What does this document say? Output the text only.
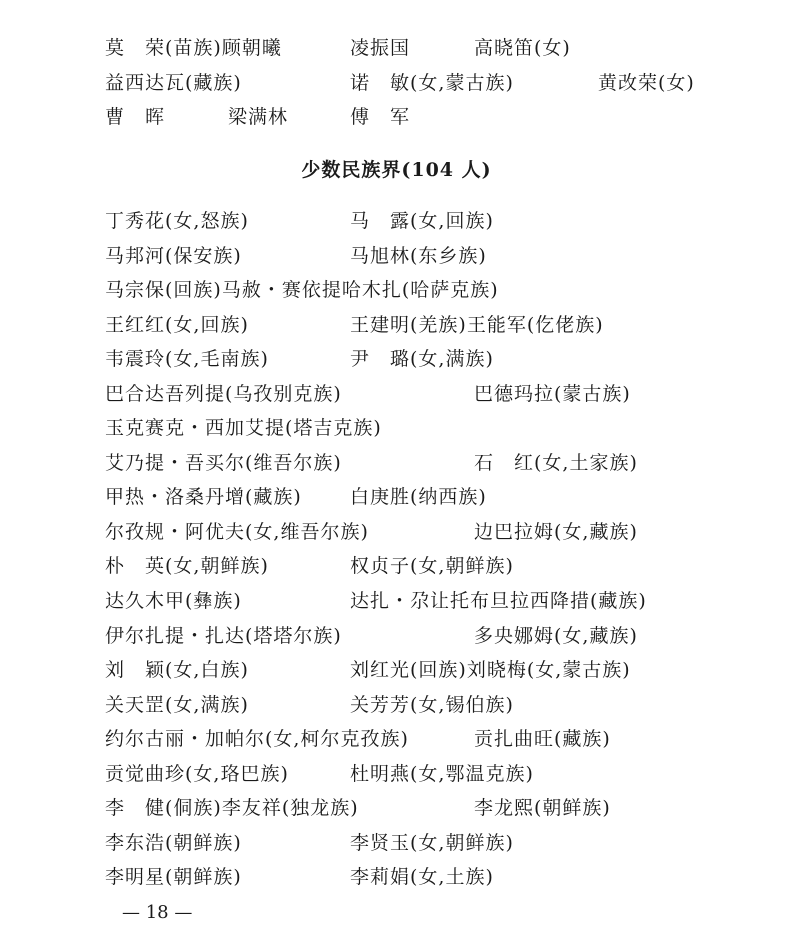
莫　荣(苗族)顾朝曦	凌振国	高晓笛(女)
益西达瓦(藏族)	诺　敏(女,蒙古族)	黄改荣(女)
曹　晖	梁满林	傅　军
少数民族界(104 人)
丁秀花(女,怒族)	马　露(女,回族)
马邦河(保安族)	马旭林(东乡族)
马宗保(回族)马赦・赛依提哈木扎(哈萨克族)
王红红(女,回族)	王建明(羌族)王能军(仡佬族)
韦震玲(女,毛南族)	尹　璐(女,满族)
巴合达吾列提(乌孜别克族)	巴德玛拉(蒙古族)
玉克赛克・西加艾提(塔吉克族)
艾乃提・吾买尔(维吾尔族)	石　红(女,土家族)
甲热・洛桑丹增(藏族)	白庚胜(纳西族)
尔孜规・阿优夫(女,维吾尔族)	边巴拉姆(女,藏族)
朴　英(女,朝鲜族)	权贞子(女,朝鲜族)
达久木甲(彝族)	达扎・尕让托布旦拉西降措(藏族)
伊尔扎提・扎达(塔塔尔族)	多央娜姆(女,藏族)
刘　颖(女,白族)	刘红光(回族)刘晓梅(女,蒙古族)
关天罡(女,满族)	关芳芳(女,锡伯族)
约尔古丽・加帕尔(女,柯尔克孜族)	贡扎曲旺(藏族)
贡觉曲珍(女,珞巴族)	杜明燕(女,鄂温克族)
李　健(侗族)李友祥(独龙族)	李龙熙(朝鲜族)
李东浩(朝鲜族)	李贤玉(女,朝鲜族)
李明星(朝鲜族)	李莉娟(女,土族)
— 18 —
